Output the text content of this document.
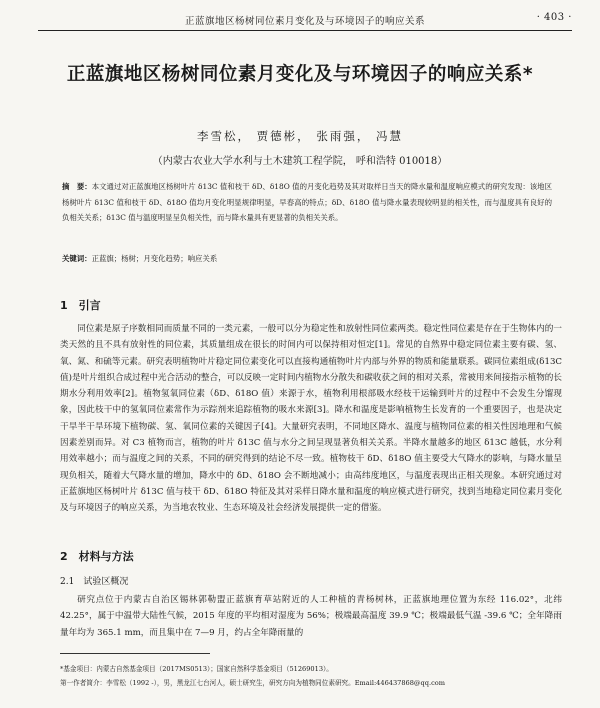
正蓝旗地区杨树同位素月变化及与环境因子的响应关系	· 403 ·
正蓝旗地区杨树同位素月变化及与环境因子的响应关系*
李雪松， 贾德彬， 张雨强， 冯慧
（内蒙古农业大学水利与土木建筑工程学院， 呼和浩特 010018）
摘　要：本文通过对正蓝旗地区杨树叶片 δ13C 值和枝干 δD、δ18O 值的月变化趋势及其对取样日当天的降水量和温度响应模式的研究发现：该地区杨树叶片 δ13C 值和枝干 δD、δ18O 值均月变化明显规律明显，早春高的特点；δD、δ18O 值与降水量表现较明显的相关性，而与温度具有良好的负相关关系；δ13C 值与温度明显呈负相关性，而与降水量具有更显著的负相关关系。
关键词：正蓝旗；杨树；月变化趋势；响应关系
1　引言
同位素是原子序数相同而质量不同的一类元素，一般可以分为稳定性和放射性同位素两类。稳定性同位素是存在于生物体内的一类天然的且不具有放射性的同位素，其质量组成在很长的时间内可以保持相对恒定[1]。常见的自然界中稳定同位素主要有碳、氢、氧、氮、和硫等元素。研究表明植物叶片稳定同位素变化可以直接构通植物叶片内部与外界的物质和能量联系。碳同位素组成(δ13C 值)是叶片组织合成过程中光合活动的整合，可以反映一定时间内植物水分散失和碳收获之间的相对关系，常被用来间接指示植物的长期水分利用效率[2]。植物氢氧同位素（δD、δ18O 值）来源于水，植物利用根部吸水经枝干运输到叶片的过程中不会发生分馏现象，因此枝干中的氢氧同位素常作为示踪剂来追踪植物的吸水来源[3]。降水和温度是影响植物生长发育的一个重要因子，也是决定干旱半干旱环境下植物碳、氢、氧同位素的关键因子[4]。大量研究表明，不同地区降水、温度与植物同位素的相关性因地理和气候因素差别而异。对 C3 植物而言，植物的叶片 δ13C 值与水分之间呈现显著负相关关系。半降水量越多的地区 δ13C 越低，水分利用效率越小；而与温度之间的关系，不同的研究得到的结论不尽一致。植物枝干 δD、δ18O 值主要受大气降水的影响，与降水量呈现负相关，随着大气降水量的增加，降水中的 δD、δ18O 会不断地减小；由高纬度地区，与温度表现出正相关现象。本研究通过对正蓝旗地区杨树叶片 δ13C 值与枝干 δD、δ18O 特征及其对采样日降水量和温度的响应模式进行研究，找到当地稳定同位素月变化及与环境因子的响应关系，为当地农牧业、生态环境及社会经济发展提供一定的借鉴。
2　材料与方法
2.1　试验区概况
研究点位于内蒙古自治区锡林郭勒盟正蓝旗育草站附近的人工种植的青杨树林，正蓝旗地理位置为东经 116.02°，北纬 42.25°，属于中温带大陆性气候，2015 年度的平均相对湿度为 56%；极端最高温度 39.9 ℃；极端最低气温 -39.6 ℃；全年降雨量年均为 365.1 mm，而且集中在 7—9 月，约占全年降雨量的
*基金项目：内蒙古自然基金项目（2017MS0513）；国家自然科学基金项目（51269013）。
第一作者简介：李雪松（1992 -），男，黑龙江七台河人，硕士研究生，研究方向为植物同位素研究。Email:446437868@qq.com
